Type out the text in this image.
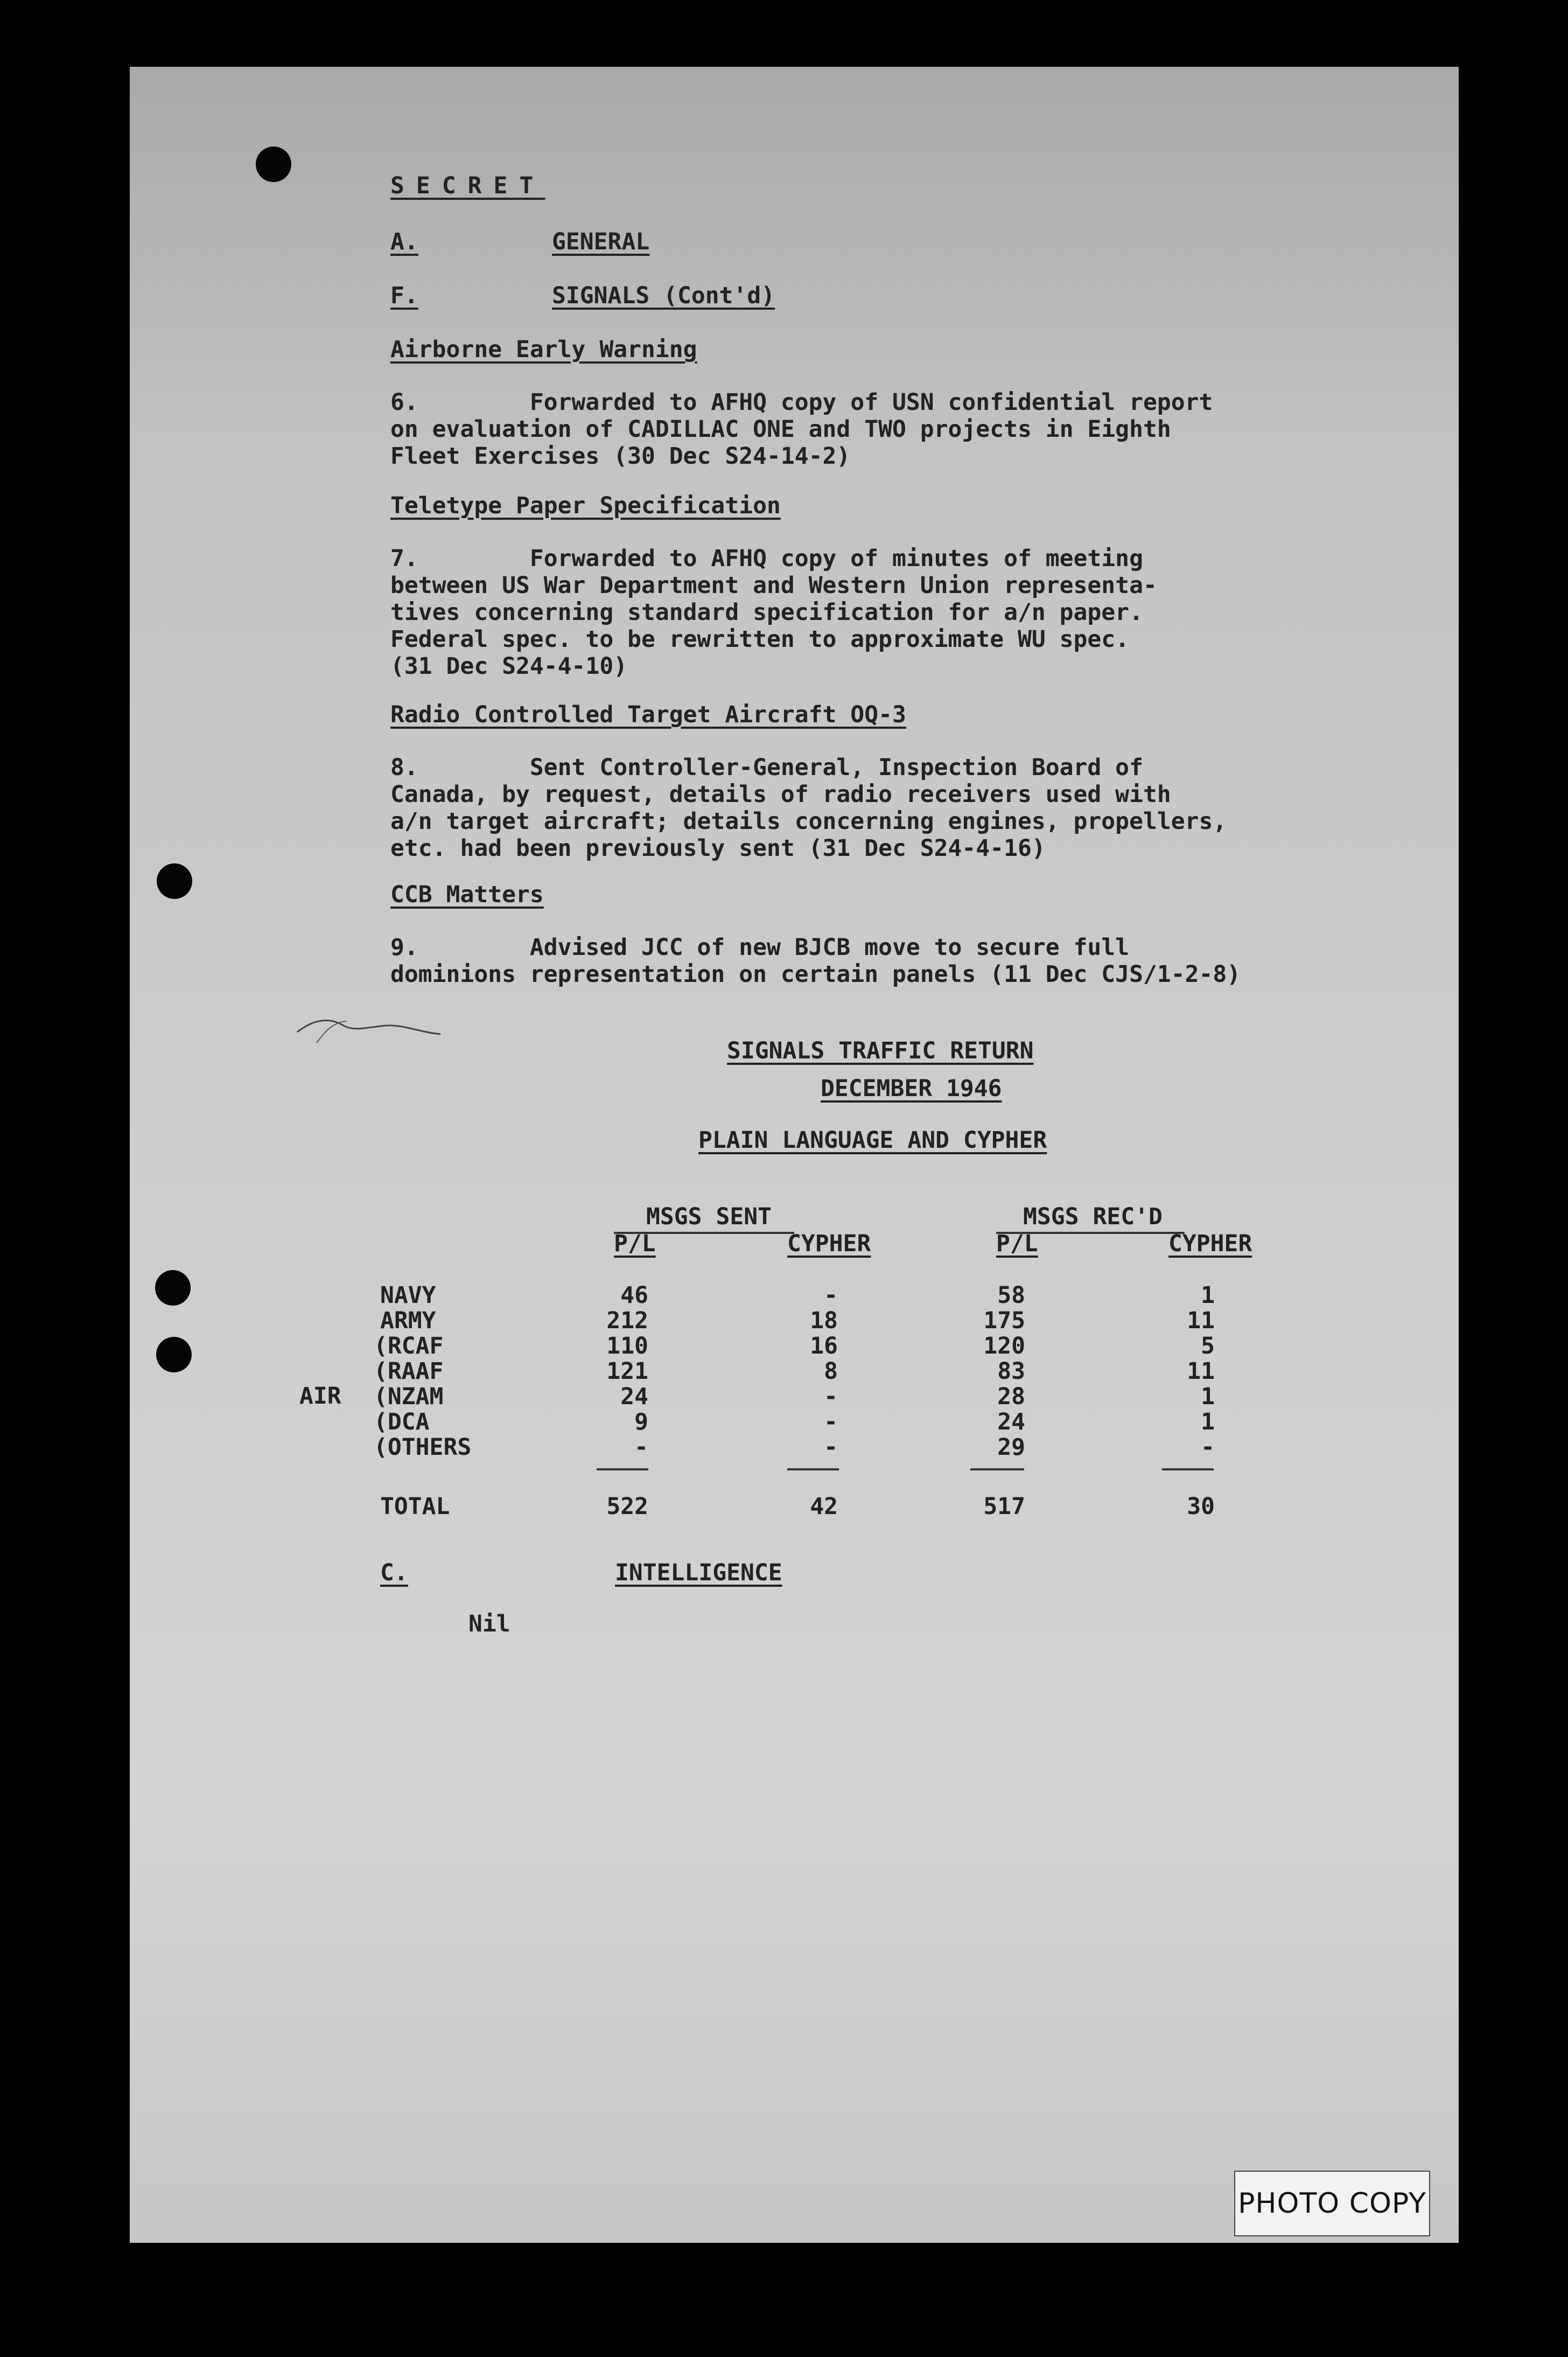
SECRET
A.	GENERAL
F.	SIGNALS (Cont'd)
Airborne Early Warning
6.        Forwarded to AFHQ copy of USN confidential report
on evaluation of CADILLAC ONE and TWO projects in Eighth
Fleet Exercises (30 Dec S24-14-2)
Teletype Paper Specification
7.        Forwarded to AFHQ copy of minutes of meeting
between US War Department and Western Union representa-
tives concerning standard specification for a/n paper.
Federal spec. to be rewritten to approximate WU spec.
(31 Dec S24-4-10)
Radio Controlled Target Aircraft OQ-3
8.        Sent Controller-General, Inspection Board of
Canada, by request, details of radio receivers used with
a/n target aircraft; details concerning engines, propellers,
etc. had been previously sent (31 Dec S24-4-16)
CCB Matters
9.        Advised JCC of new BJCB move to secure full
dominions representation on certain panels (11 Dec CJS/1-2-8)
SIGNALS TRAFFIC RETURN
DECEMBER 1946
PLAIN LANGUAGE AND CYPHER
MSGS SENT	MSGS REC'D
P/L	CYPHER	P/L	CYPHER
AIR
NAVY	46	-	58	1
ARMY	212	18	175	11
(RCAF	110	16	120	5
(RAAF	121	8	83	11
(NZAM	24	-	28	1
(DCA	9	-	24	1
(OTHERS	-	-	29	-
TOTAL	522	42	517	30
C.	INTELLIGENCE
Nil
PHOTO COPY
